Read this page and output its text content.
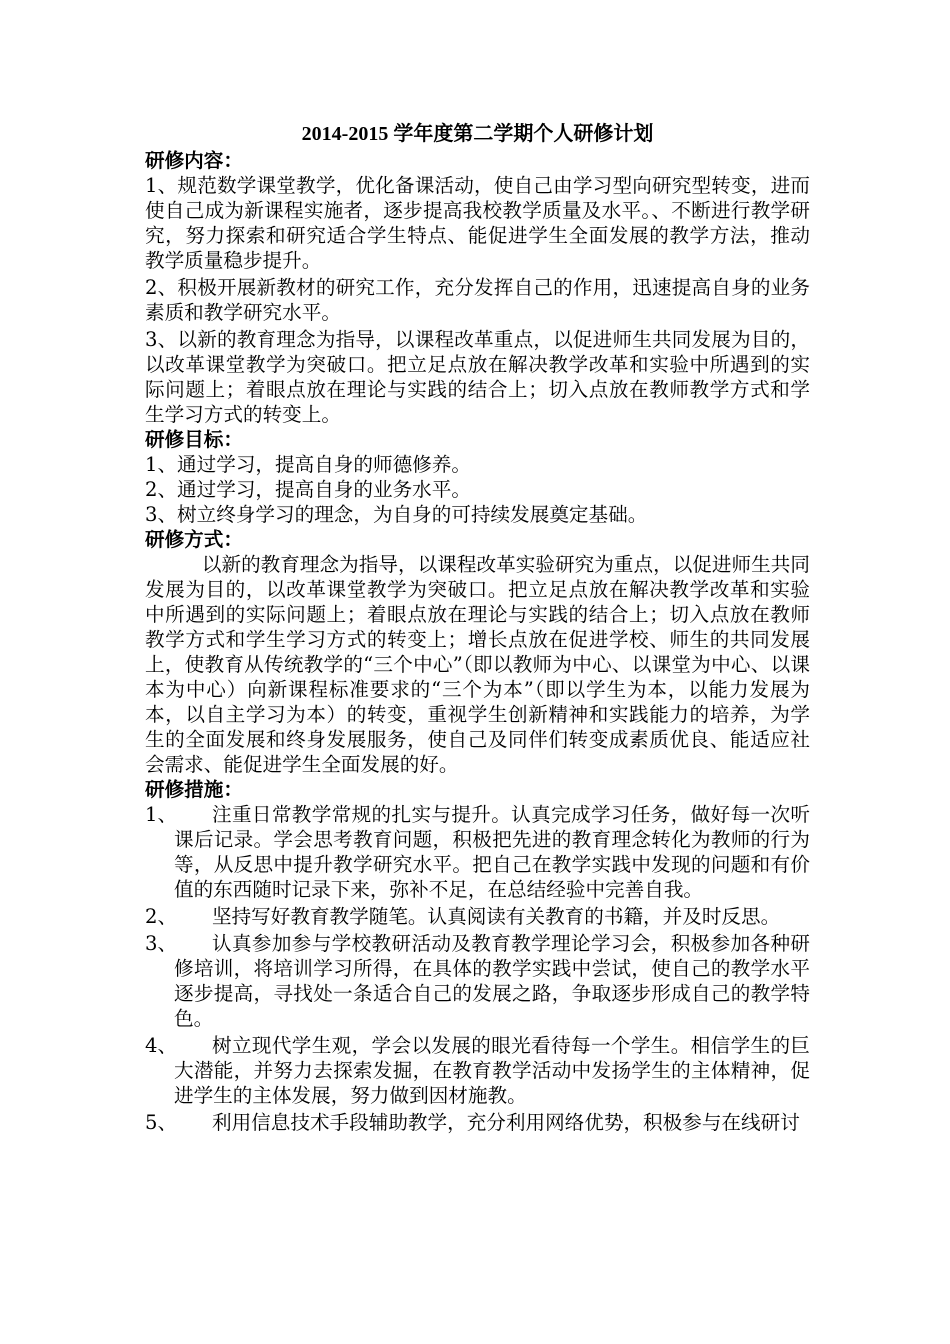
2014-2015 学年度第二学期个人研修计划

研修内容：

1、规范数学课堂教学，优化备课活动，使自己由学习型向研究型转变，进而使自己成为新课程实施者，逐步提高我校教学质量及水平。、不断进行教学研究，努力探索和研究适合学生特点、能促进学生全面发展的教学方法，推动教学质量稳步提升。

2、积极开展新教材的研究工作，充分发挥自己的作用，迅速提高自身的业务素质和教学研究水平。

3、以新的教育理念为指导，以课程改革重点，以促进师生共同发展为目的，以改革课堂教学为突破口。把立足点放在解决教学改革和实验中所遇到的实际问题上；着眼点放在理论与实践的结合上；切入点放在教师教学方式和学生学习方式的转变上。

研修目标：

1、通过学习，提高自身的师德修养。

2、通过学习，提高自身的业务水平。

3、树立终身学习的理念，为自身的可持续发展奠定基础。

研修方式：

以新的教育理念为指导，以课程改革实验研究为重点，以促进师生共同发展为目的，以改革课堂教学为突破口。把立足点放在解决教学改革和实验中所遇到的实际问题上；着眼点放在理论与实践的结合上；切入点放在教师教学方式和学生学习方式的转变上；增长点放在促进学校、师生的共同发展上，使教育从传统教学的“三个中心”（即以教师为中心、以课堂为中心、以课本为中心）向新课程标准要求的“三个为本”（即以学生为本，以能力发展为本，以自主学习为本）的转变，重视学生创新精神和实践能力的培养，为学生的全面发展和终身发展服务，使自己及同伴们转变成素质优良、能适应社会需求、能促进学生全面发展的好。

研修措施：

1、	注重日常教学常规的扎实与提升。认真完成学习任务，做好每一次听课后记录。学会思考教育问题，积极把先进的教育理念转化为教师的行为等，从反思中提升教学研究水平。把自己在教学实践中发现的问题和有价值的东西随时记录下来，弥补不足，在总结经验中完善自我。
2、	坚持写好教育教学随笔。认真阅读有关教育的书籍，并及时反思。
3、	认真参加参与学校教研活动及教育教学理论学习会，积极参加各种研修培训，将培训学习所得，在具体的教学实践中尝试，使自己的教学水平逐步提高，寻找处一条适合自己的发展之路，争取逐步形成自己的教学特色。
4、	树立现代学生观，学会以发展的眼光看待每一个学生。相信学生的巨大潜能，并努力去探索发掘，在教育教学活动中发扬学生的主体精神，促进学生的主体发展，努力做到因材施教。
5、	利用信息技术手段辅助教学，充分利用网络优势，积极参与在线研讨
